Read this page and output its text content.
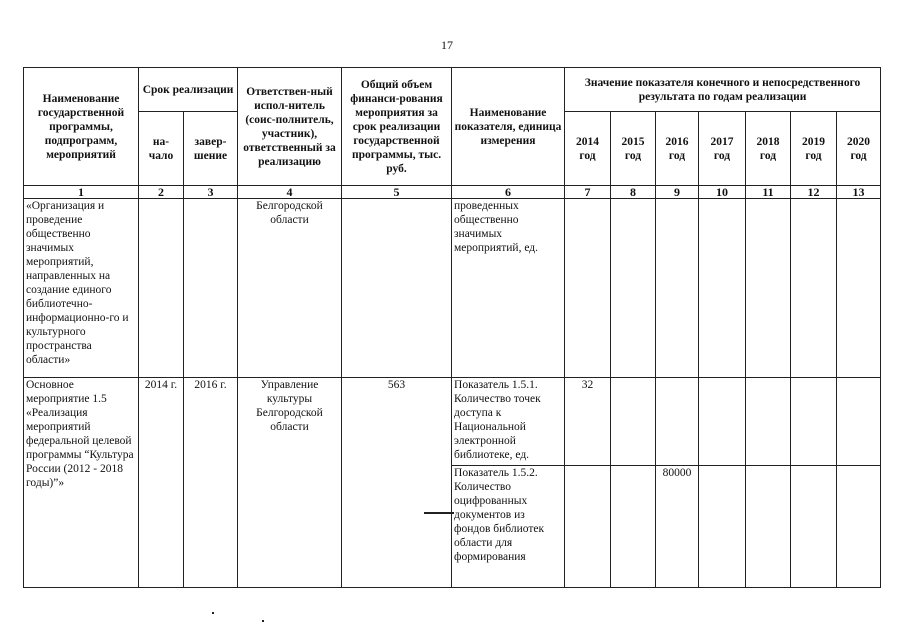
17
Наименование государственной программы, подпрограмм, мероприятий	Срок реализации		Ответствен-ный испол-нитель (соис-полнитель, участник), ответственный за реализацию	Общий объем финанси-рования мероприятия за срок реализации государственной программы, тыс. руб.	Наименование показателя, единица измерения	Значение показателя конечного и непосредственного результата по годам реализации						
	на-чало	завер-шение				2014 год	2015 год	2016 год	2017 год	2018 год	2019 год	2020 год
1	2	3	4	5	6	7	8	9	10	11	12	13
«Организация и проведение общественно значимых мероприятий, направленных на создание единого библиотечно-информационно-го и культурного пространства области»			Белгородской области		проведенных общественно значимых мероприятий, ед.							
Основное мероприятие 1.5 «Реализация мероприятий федеральной целевой программы “Культура России (2012 - 2018 годы)”»	2014 г.	2016 г.	Управление культуры Белгородской области	563	Показатель 1.5.1. Количество точек доступа к Национальной электронной библиотеке, ед.	32						
					Показатель 1.5.2. Количество оцифрованных документов из фондов библиотек области для формирования			80000				
